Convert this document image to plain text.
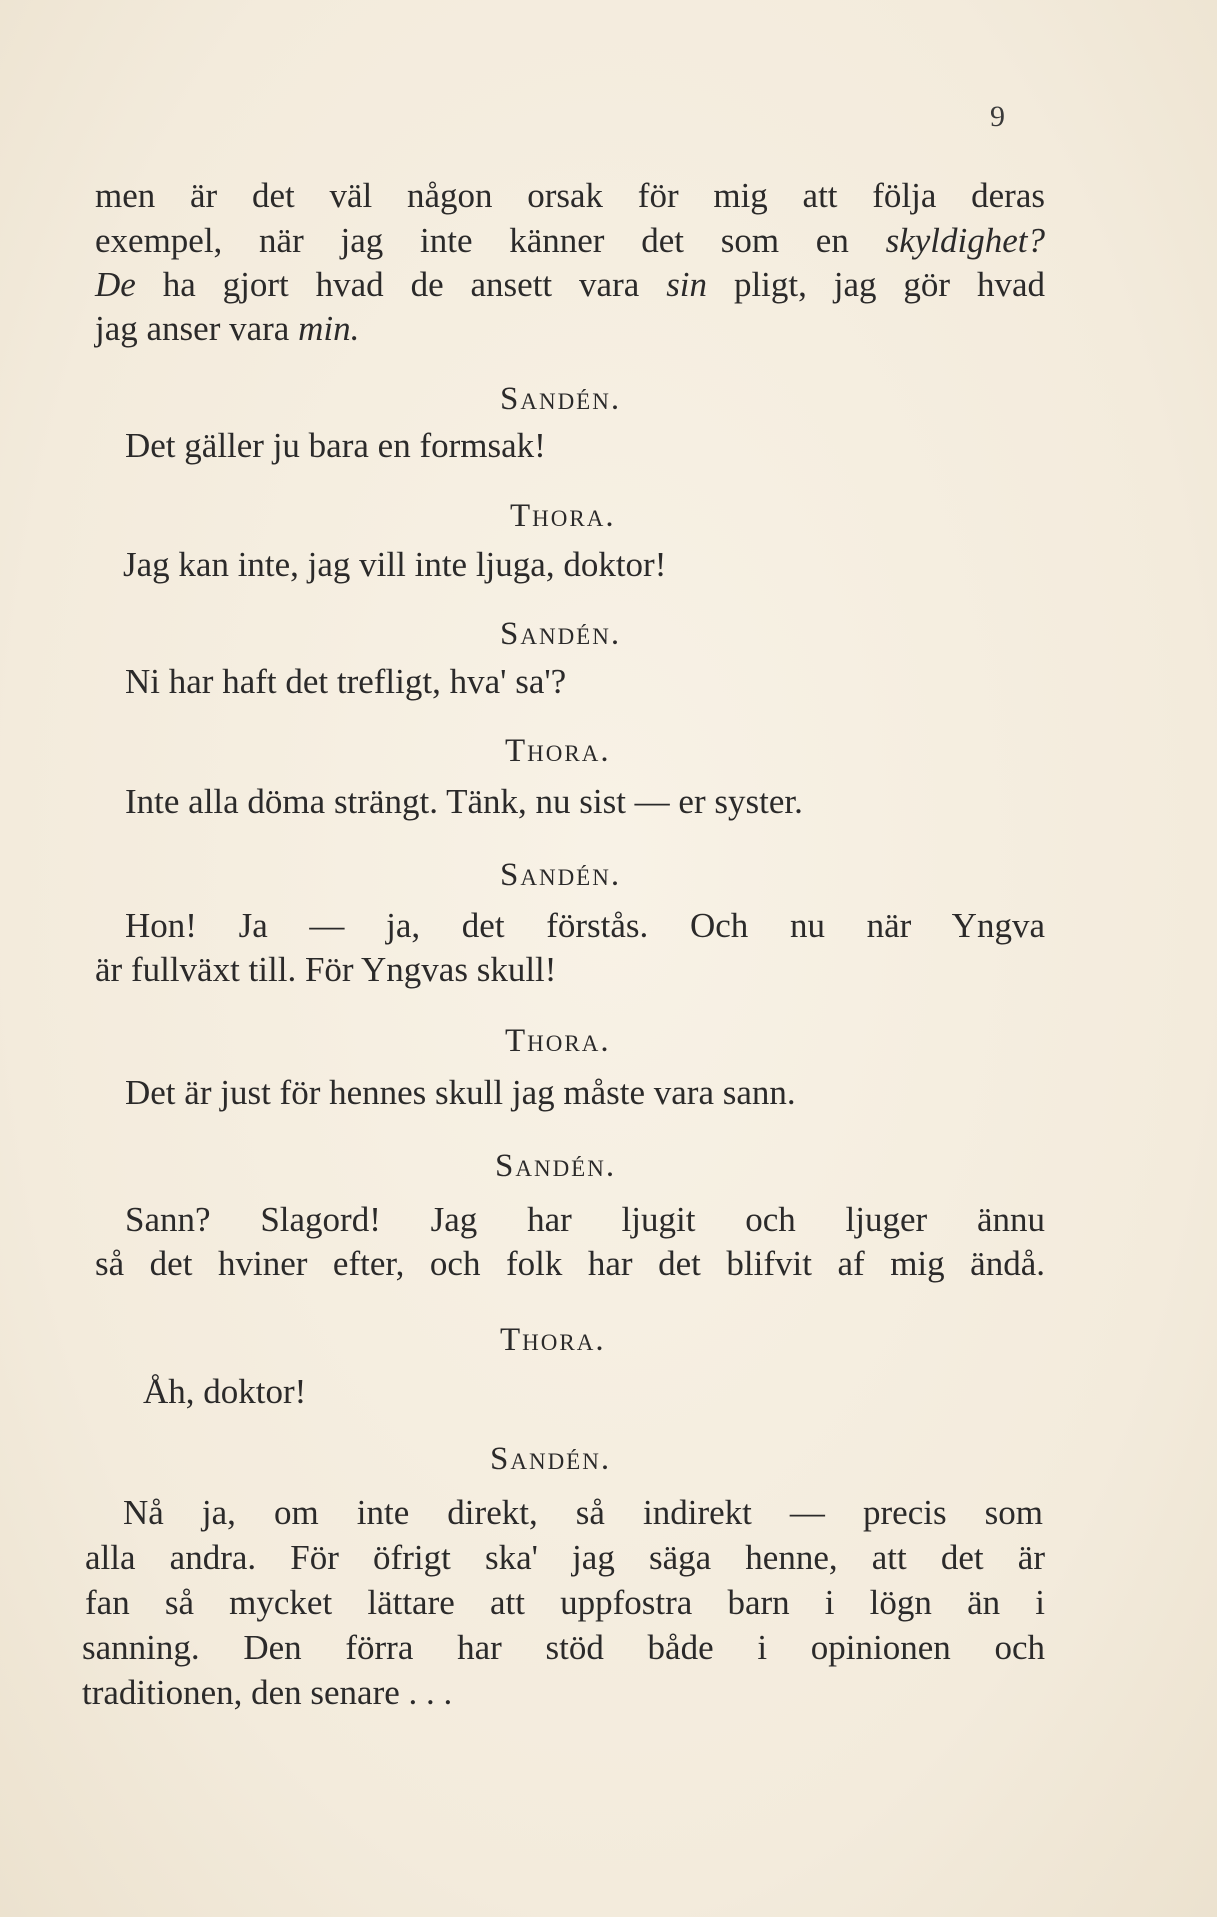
9
men är det väl någon orsak för mig att följa deras
exempel, när jag inte känner det som en skyldighet?
De ha gjort hvad de ansett vara sin pligt, jag gör hvad
jag anser vara min.
Sandén.
Det gäller ju bara en formsak!
Thora.
Jag kan inte, jag vill inte ljuga, doktor!
Sandén.
Ni har haft det trefligt, hva' sa'?
Thora.
Inte alla döma strängt. Tänk, nu sist — er syster.
Sandén.
Hon! Ja — ja, det förstås. Och nu när Yngva
är fullväxt till. För Yngvas skull!
Thora.
Det är just för hennes skull jag måste vara sann.
Sandén.
Sann? Slagord! Jag har ljugit och ljuger ännu
så det hviner efter, och folk har det blifvit af mig ändå.
Thora.
Åh, doktor!
Sandén.
Nå ja, om inte direkt, så indirekt — precis som
alla andra. För öfrigt ska' jag säga henne, att det är
fan så mycket lättare att uppfostra barn i lögn än i
sanning. Den förra har stöd både i opinionen och
traditionen, den senare . . .
